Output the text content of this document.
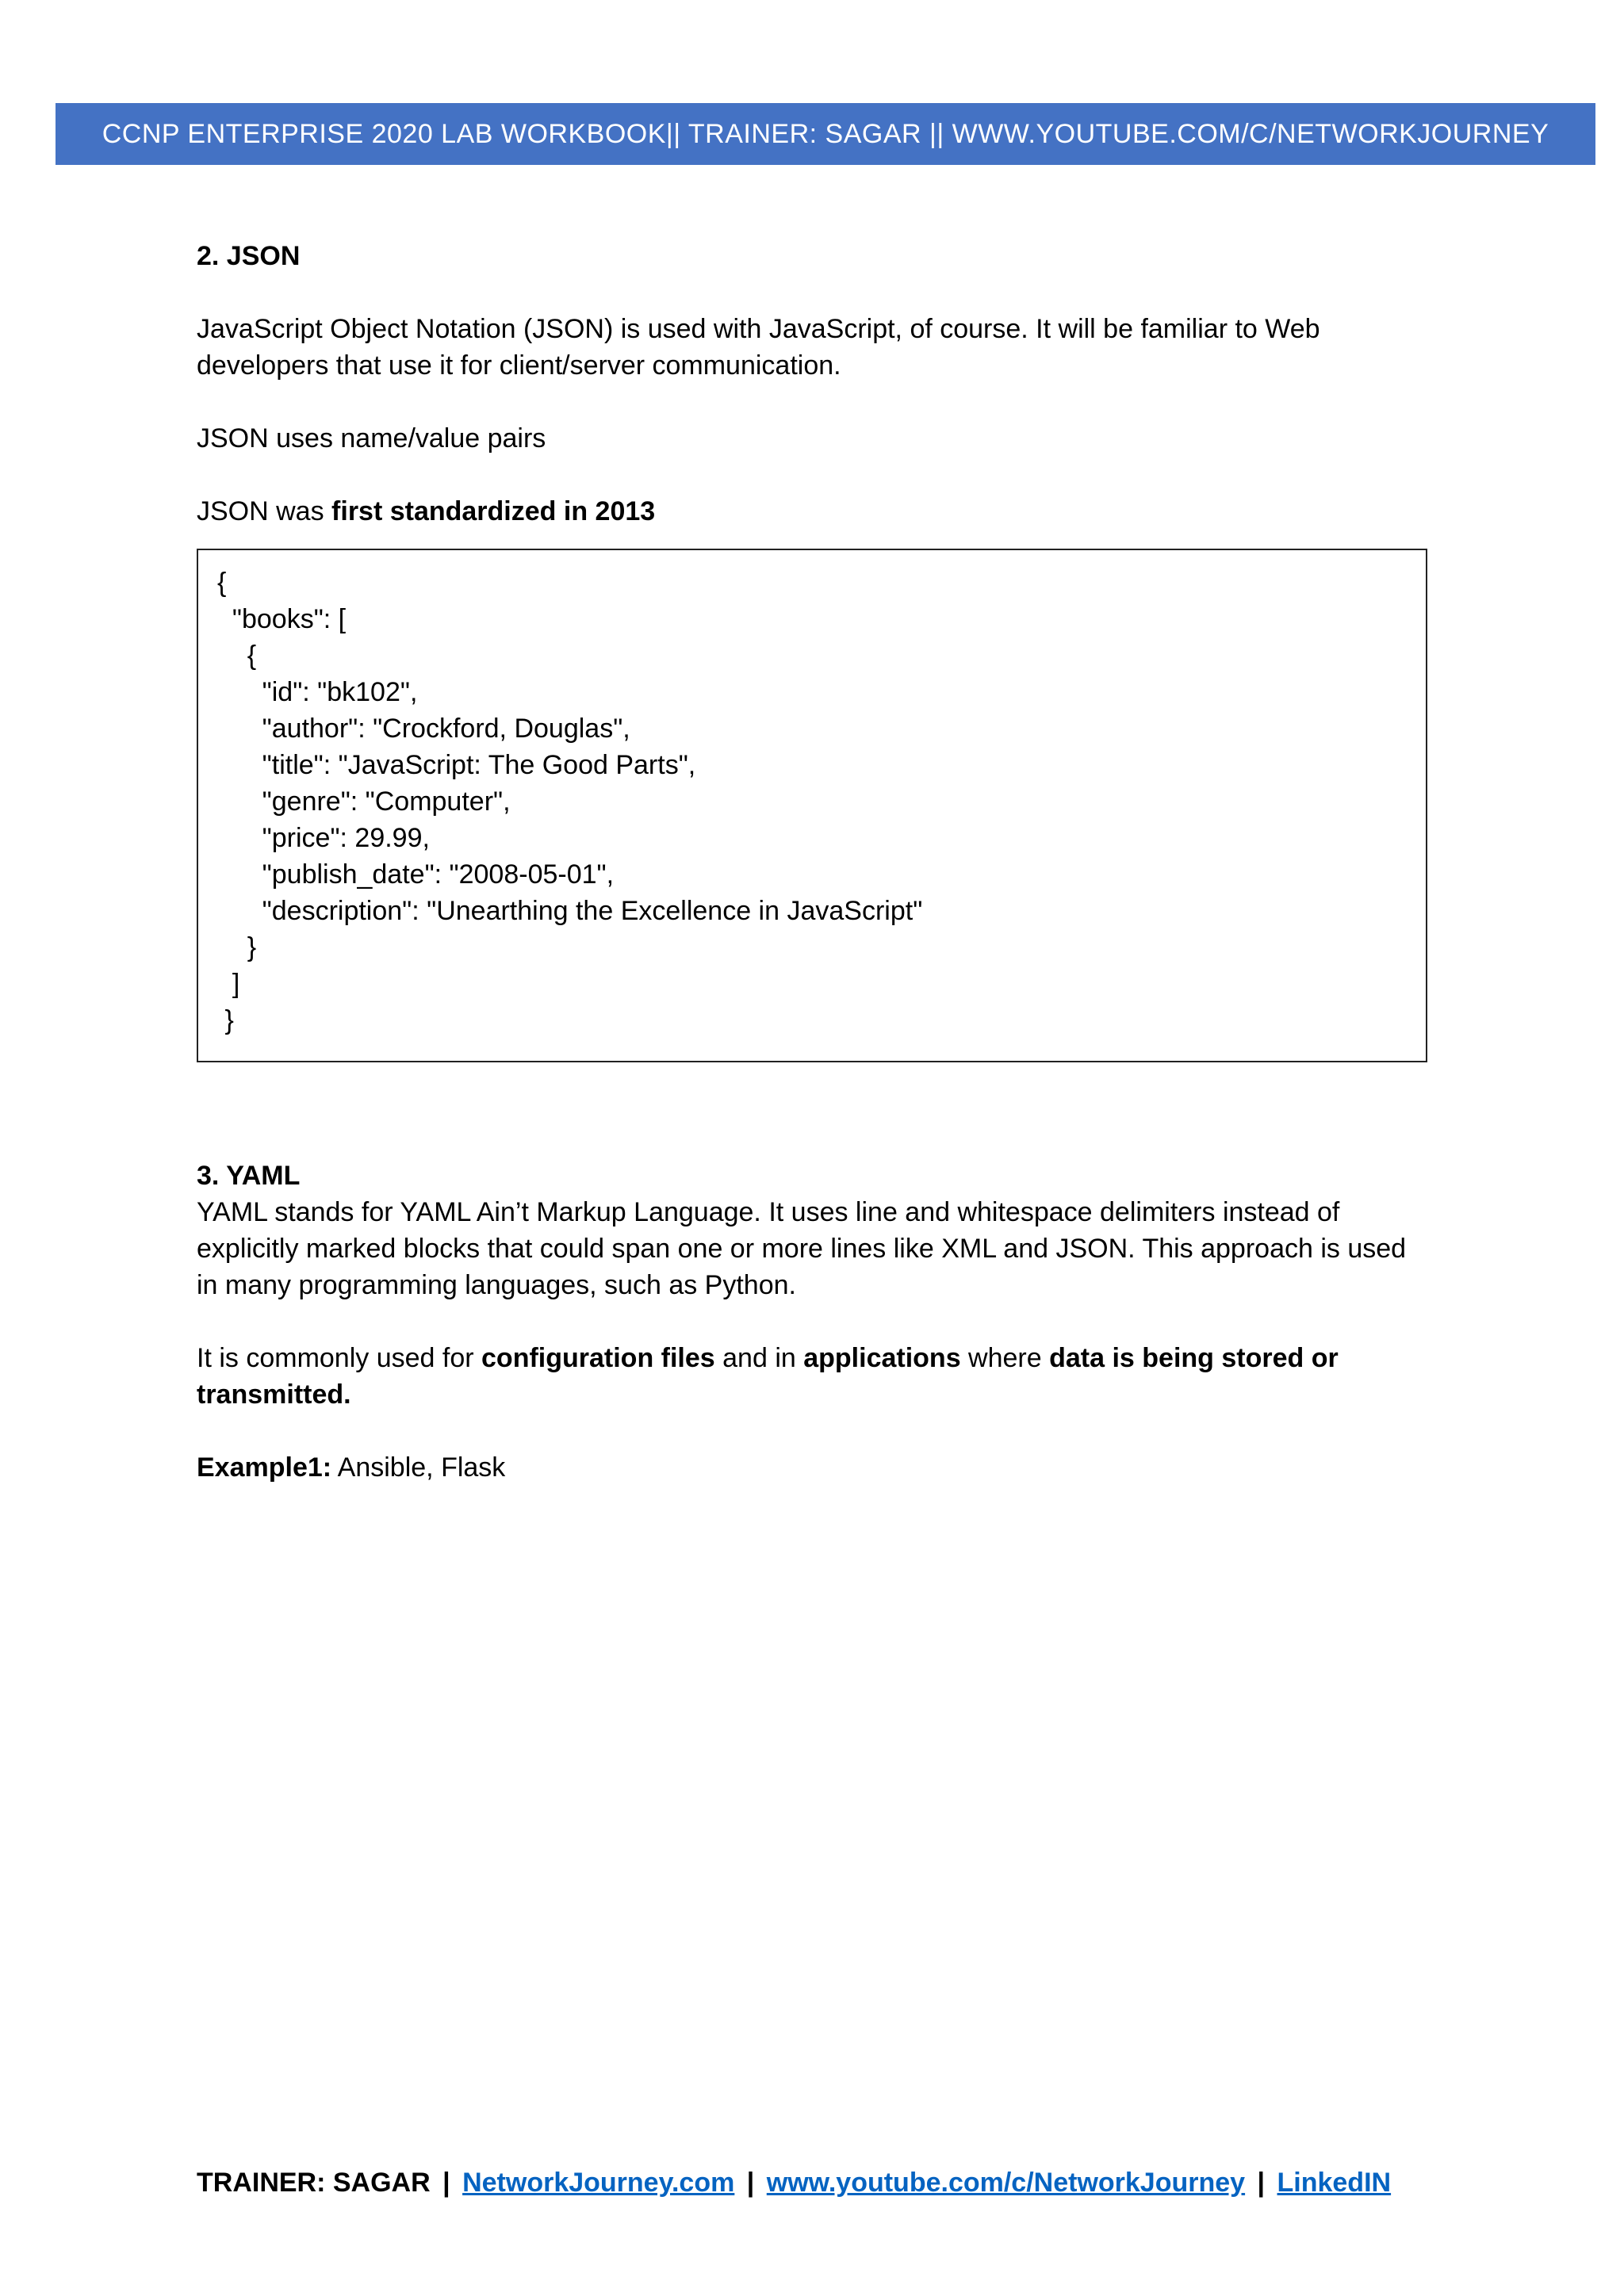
CCNP ENTERPRISE 2020 LAB WORKBOOK|| TRAINER: SAGAR || WWW.YOUTUBE.COM/C/NETWORKJOURNEY

2. JSON

JavaScript Object Notation (JSON) is used with JavaScript, of course. It will be familiar to Web

developers that use it for client/server communication.

JSON uses name/value pairs

JSON was first standardized in 2013

{
"books": [
{
"id": "bk102",
"author": "Crockford, Douglas",
"title": "JavaScript: The Good Parts",
"genre": "Computer",
"price": 29.99,
"publish_date": "2008-05-01",
"description": "Unearthing the Excellence in JavaScript"
}
]
}

3. YAML

YAML stands for YAML Ain’t Markup Language. It uses line and whitespace delimiters instead of

explicitly marked blocks that could span one or more lines like XML and JSON. This approach is used

in many programming languages, such as Python.

It is commonly used for configuration files and in applications where data is being stored or

transmitted.

Example1: Ansible, Flask

TRAINER: SAGAR | NetworkJourney.com | www.youtube.com/c/NetworkJourney | LinkedIN
